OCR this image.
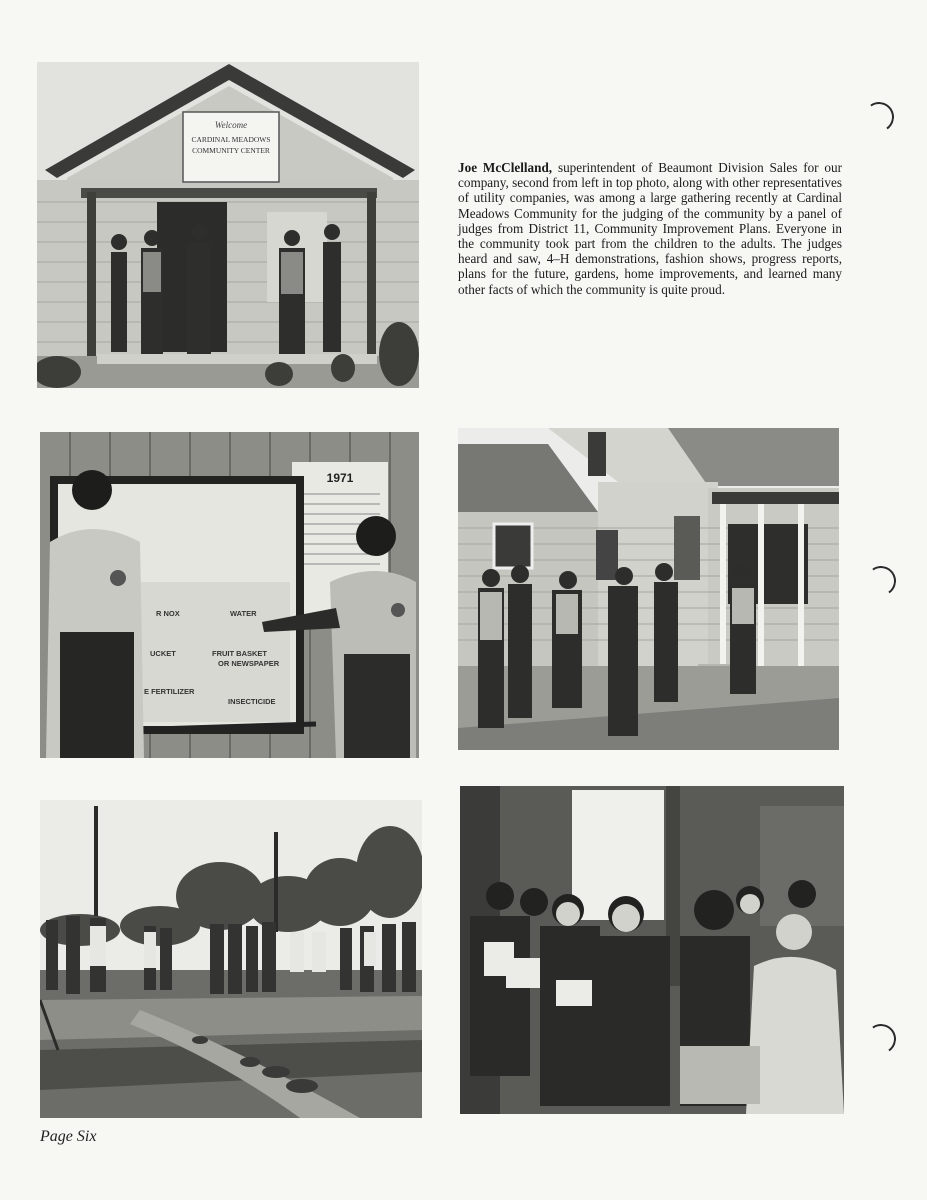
Welcome
CARDINAL MEADOWS
COMMUNITY CENTER
Joe McClelland, superintendent of Beaumont Division Sales for our company, second from left in top photo, along with other representatives of utility companies, was among a large gathering recently at Cardinal Meadows Community for the judging of the community by a panel of judges from District 11, Community Improvement Plans. Everyone in the community took part from the children to the adults. The judges heard and saw, 4–H demonstrations, fashion shows, progress reports, plans for the future, gardens, home improvements, and learned many other facts of which the community is quite proud.
1971
R NOX	WATER
UCKET	FRUIT BASKET
OR NEWSPAPER
E FERTILIZER
INSECTICIDE
Page Six
